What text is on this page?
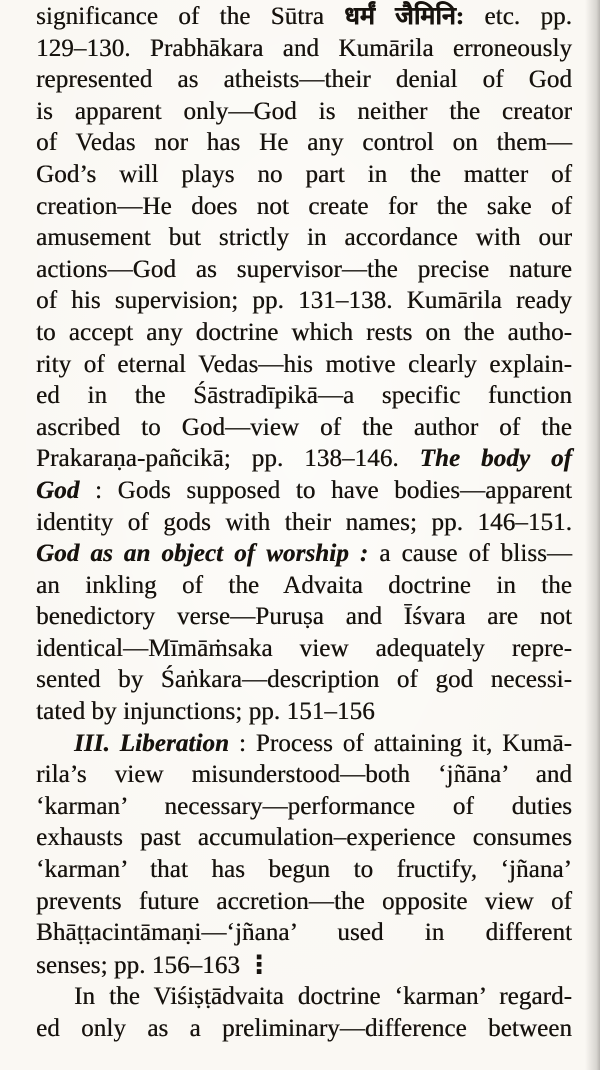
significance of the Sūtra धर्मं जैमिनि: etc. pp.
129–130. Prabhākara and Kumārila erroneously
represented as atheists—their denial of God
is apparent only—God is neither the creator
of Vedas nor has He any control on them—
God’s will plays no part in the matter of
creation—He does not create for the sake of
amusement but strictly in accordance with our
actions—God as supervisor—the precise nature
of his supervision; pp. 131–138. Kumārila ready
to accept any doctrine which rests on the autho-
rity of eternal Vedas—his motive clearly explain-
ed in the Śāstradīpikā—a specific function
ascribed to God—view of the author of the
Prakaraṇa-pañcikā; pp. 138–146. The body of
God : Gods supposed to have bodies—apparent
identity of gods with their names; pp. 146–151.
God as an object of worship : a cause of bliss—
an inkling of the Advaita doctrine in the
benedictory verse—Puruṣa and Īśvara are not
identical—Mīmāṁsaka view adequately repre-
sented by Śaṅkara—description of god necessi-
tated by injunctions; pp. 151–156
III. Liberation : Process of attaining it, Kumā-
rila’s view misunderstood—both ‘jñāna’ and
‘karman’ necessary—performance of duties
exhausts past accumulation–experience consumes
‘karman’ that has begun to fructify, ‘jñana’
prevents future accretion—the opposite view of
Bhāṭṭacintāmaṇi—‘jñana’ used in different
senses; pp. 156–163 ⋮
In the Viśiṣṭādvaita doctrine ‘karman’ regard-
ed only as a preliminary—difference between
